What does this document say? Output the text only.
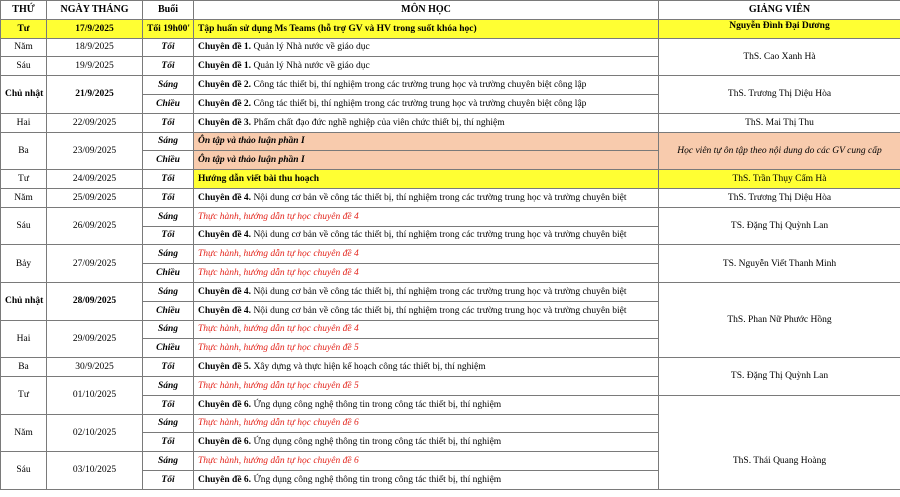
THỨ	NGÀY THÁNG	Buổi	MÔN HỌC	GIẢNG VIÊN
Tư	17/9/2025	Tối 19h00'	Tập huấn sử dụng Ms Teams (hỗ trợ GV và HV trong suốt khóa học)	Nguyễn Đình Đại Dương
Năm	18/9/2025	Tối	Chuyên đề 1. Quản lý Nhà nước về giáo dục	ThS. Cao Xanh Hà
Sáu	19/9/2025	Tối	Chuyên đề 1. Quản lý Nhà nước về giáo dục	
Chủ nhật	21/9/2025	Sáng	Chuyên đề 2. Công tác thiết bị, thí nghiệm trong các trường trung học và trường chuyên biệt công lập	ThS. Trương Thị Diệu Hòa
		Chiều	Chuyên đề 2. Công tác thiết bị, thí nghiệm trong các trường trung học và trường chuyên biệt công lập	
Hai	22/09/2025	Tối	Chuyên đề 3. Phẩm chất đạo đức nghề nghiệp của viên chức thiết bị, thí nghiệm	ThS. Mai Thị Thu
Ba	23/09/2025	Sáng	Ôn tập và thảo luận phần I	Học viên tự ôn tập theo nội dung do các GV cung cấp
		Chiều	Ôn tập và thảo luận phần I	
Tư	24/09/2025	Tối	Hướng dẫn viết bài thu hoạch	ThS. Trần Thụy Cẩm Hà
Năm	25/09/2025	Tối	Chuyên đề 4. Nội dung cơ bản về công tác thiết bị, thí nghiệm trong các trường trung học và trường chuyên biệt	ThS. Trương Thị Diệu Hòa
Sáu	26/09/2025	Sáng	Thực hành, hướng dẫn tự học chuyên đề 4	TS. Đặng Thị Quỳnh Lan
		Tối	Chuyên đề 4. Nội dung cơ bản về công tác thiết bị, thí nghiệm trong các trường trung học và trường chuyên biệt	
Bảy	27/09/2025	Sáng	Thực hành, hướng dẫn tự học chuyên đề 4	TS. Nguyễn Viết Thanh Minh
		Chiều	Thực hành, hướng dẫn tự học chuyên đề 4	
Chủ nhật	28/09/2025	Sáng	Chuyên đề 4. Nội dung cơ bản về công tác thiết bị, thí nghiệm trong các trường trung học và trường chuyên biệt	ThS. Phan Nữ Phước Hồng
		Chiều	Chuyên đề 4. Nội dung cơ bản về công tác thiết bị, thí nghiệm trong các trường trung học và trường chuyên biệt	
Hai	29/09/2025	Sáng	Thực hành, hướng dẫn tự học chuyên đề 4	
		Chiều	Thực hành, hướng dẫn tự học chuyên đề 5	
Ba	30/9/2025	Tối	Chuyên đề 5. Xây dựng và thực hiện kế hoạch công tác thiết bị, thí nghiệm	TS. Đặng Thị Quỳnh Lan
Tư	01/10/2025	Sáng	Thực hành, hướng dẫn tự học chuyên đề 5	
		Tối	Chuyên đề 6. Ứng dụng công nghệ thông tin trong công tác thiết bị, thí nghiệm	ThS. Thái Quang Hoàng
Năm	02/10/2025	Sáng	Thực hành, hướng dẫn tự học chuyên đề 6	
		Tối	Chuyên đề 6. Ứng dụng công nghệ thông tin trong công tác thiết bị, thí nghiệm	
Sáu	03/10/2025	Sáng	Thực hành, hướng dẫn tự học chuyên đề 6	
		Tối	Chuyên đề 6. Ứng dụng công nghệ thông tin trong công tác thiết bị, thí nghiệm	
